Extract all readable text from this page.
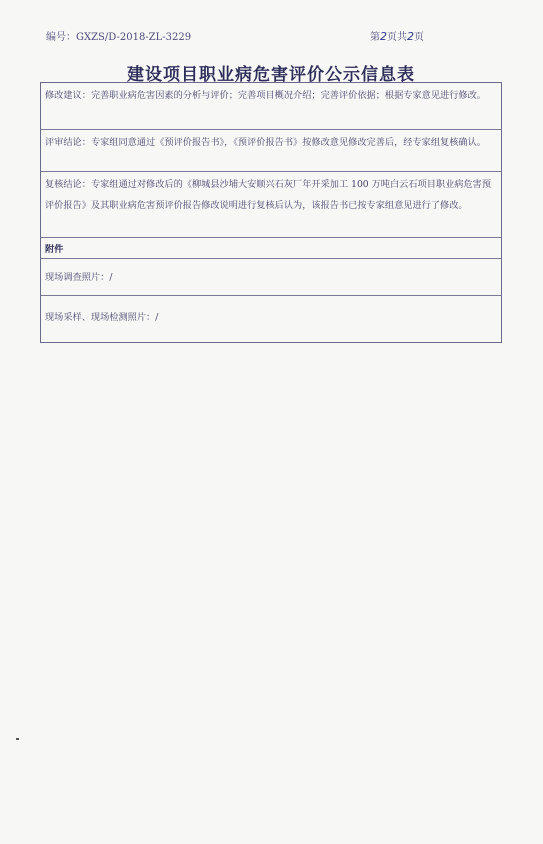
编号：GXZS/D-2018-ZL-3229	第2页共2页
建设项目职业病危害评价公示信息表
修改建议：完善职业病危害因素的分析与评价；完善项目概况介绍；完善评价依据；根据专家意见进行修改。
评审结论：专家组同意通过《预评价报告书》，《预评价报告书》按修改意见修改完善后，经专家组复核确认。
复核结论：专家组通过对修改后的《柳城县沙埔大安顺兴石灰厂年开采加工 100 万吨白云石项目职业病危害预评价报告》及其职业病危害预评价报告修改说明进行复核后认为，该报告书已按专家组意见进行了修改。
附件
现场调查照片：/
现场采样、现场检测照片：/
